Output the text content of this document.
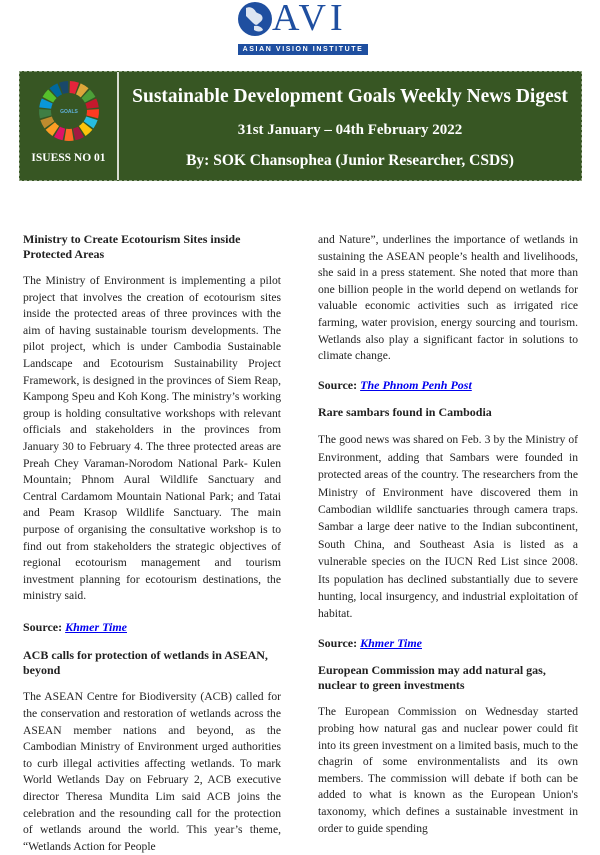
AVI
ASIAN VISION INSTITUTE
GOALS
ISUESS NO 01
Sustainable Development Goals Weekly News Digest
31st January – 04th February 2022
By: SOK Chansophea (Junior Researcher, CSDS)
Ministry to Create Ecotourism Sites inside Protected Areas

The Ministry of Environment is implementing a pilot project that involves the creation of ecotourism sites inside the protected areas of three provinces with the aim of having sustainable tourism developments. The pilot project, which is under Cambodia Sustainable Landscape and Ecotourism Sustainability Project Framework, is designed in the provinces of Siem Reap, Kampong Speu and Koh Kong. The ministry’s working group is holding consultative workshops with relevant officials and stakeholders in the provinces from January 30 to February 4. The three protected areas are Preah Chey Varaman-Norodom National Park- Kulen Mountain; Phnom Aural Wildlife Sanctuary and Central Cardamom Mountain National Park; and Tatai and Peam Krasop Wildlife Sanctuary. The main purpose of organising the consultative workshop is to find out from stakeholders the strategic objectives of regional ecotourism management and tourism investment planning for ecotourism destinations, the ministry said.

Source: Khmer Time

ACB calls for protection of wetlands in ASEAN, beyond

The ASEAN Centre for Biodiversity (ACB) called for the conservation and restoration of wetlands across the ASEAN member nations and beyond, as the Cambodian Ministry of Environment urged authorities to curb illegal activities affecting wetlands. To mark World Wetlands Day on February 2, ACB executive director Theresa Mundita Lim said ACB joins the celebration and the resounding call for the protection of wetlands around the world. This year’s theme, “Wetlands Action for People

and Nature”, underlines the importance of wetlands in sustaining the ASEAN people’s health and livelihoods, she said in a press statement. She noted that more than one billion people in the world depend on wetlands for valuable economic activities such as irrigated rice farming, water provision, energy sourcing and tourism. Wetlands also play a significant factor in solutions to climate change.

Source: The Phnom Penh Post

Rare sambars found in Cambodia

The good news was shared on Feb. 3 by the Ministry of Environment, adding that Sambars were founded in protected areas of the country. The researchers from the Ministry of Environment have discovered them in Cambodian wildlife sanctuaries through camera traps. Sambar a large deer native to the Indian subcontinent, South China, and Southeast Asia is listed as a vulnerable species on the IUCN Red List since 2008. Its population has declined substantially due to severe hunting, local insurgency, and industrial exploitation of habitat.

Source: Khmer Time

European Commission may add natural gas, nuclear to green investments

The European Commission on Wednesday started probing how natural gas and nuclear power could fit into its green investment on a limited basis, much to the chagrin of some environmentalists and its own members. The commission will debate if both can be added to what is known as the European Union's taxonomy, which defines a sustainable investment in order to guide spending
